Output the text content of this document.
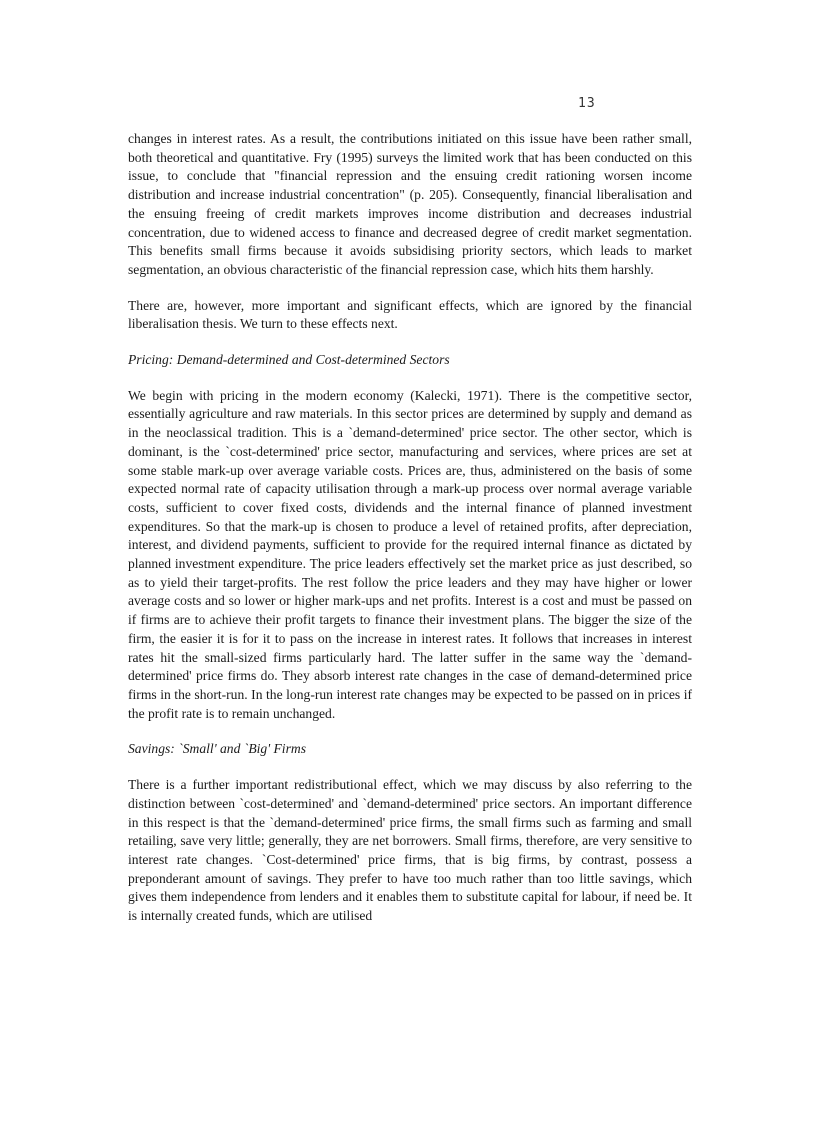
13

changes in interest rates. As a result, the contributions initiated on this issue have been rather small, both theoretical and quantitative. Fry (1995) surveys the limited work that has been conducted on this issue, to conclude that "financial repression and the ensuing credit rationing worsen income distribution and increase industrial concentration" (p. 205). Consequently, financial liberalisation and the ensuing freeing of credit markets improves income distribution and decreases industrial concentration, due to widened access to finance and decreased degree of credit market segmentation. This benefits small firms because it avoids subsidising priority sectors, which leads to market segmentation, an obvious characteristic of the financial repression case, which hits them harshly.

There are, however, more important and significant effects, which are ignored by the financial liberalisation thesis. We turn to these effects next.

Pricing: Demand-determined and Cost-determined Sectors

We begin with pricing in the modern economy (Kalecki, 1971). There is the competitive sector, essentially agriculture and raw materials. In this sector prices are determined by supply and demand as in the neoclassical tradition. This is a `demand-determined' price sector. The other sector, which is dominant, is the `cost-determined' price sector, manufacturing and services, where prices are set at some stable mark-up over average variable costs. Prices are, thus, administered on the basis of some expected normal rate of capacity utilisation through a mark-up process over normal average variable costs, sufficient to cover fixed costs, dividends and the internal finance of planned investment expenditures. So that the mark-up is chosen to produce a level of retained profits, after depreciation, interest, and dividend payments, sufficient to provide for the required internal finance as dictated by planned investment expenditure. The price leaders effectively set the market price as just described, so as to yield their target-profits. The rest follow the price leaders and they may have higher or lower average costs and so lower or higher mark-ups and net profits. Interest is a cost and must be passed on if firms are to achieve their profit targets to finance their investment plans. The bigger the size of the firm, the easier it is for it to pass on the increase in interest rates. It follows that increases in interest rates hit the small-sized firms particularly hard. The latter suffer in the same way the `demand-determined' price firms do. They absorb interest rate changes in the case of demand-determined price firms in the short-run. In the long-run interest rate changes may be expected to be passed on in prices if the profit rate is to remain unchanged.

Savings: `Small' and `Big' Firms

There is a further important redistributional effect, which we may discuss by also referring to the distinction between `cost-determined' and `demand-determined' price sectors. An important difference in this respect is that the `demand-determined' price firms, the small firms such as farming and small retailing, save very little; generally, they are net borrowers. Small firms, therefore, are very sensitive to interest rate changes. `Cost-determined' price firms, that is big firms, by contrast, possess a preponderant amount of savings. They prefer to have too much rather than too little savings, which gives them independence from lenders and it enables them to substitute capital for labour, if need be. It is internally created funds, which are utilised
